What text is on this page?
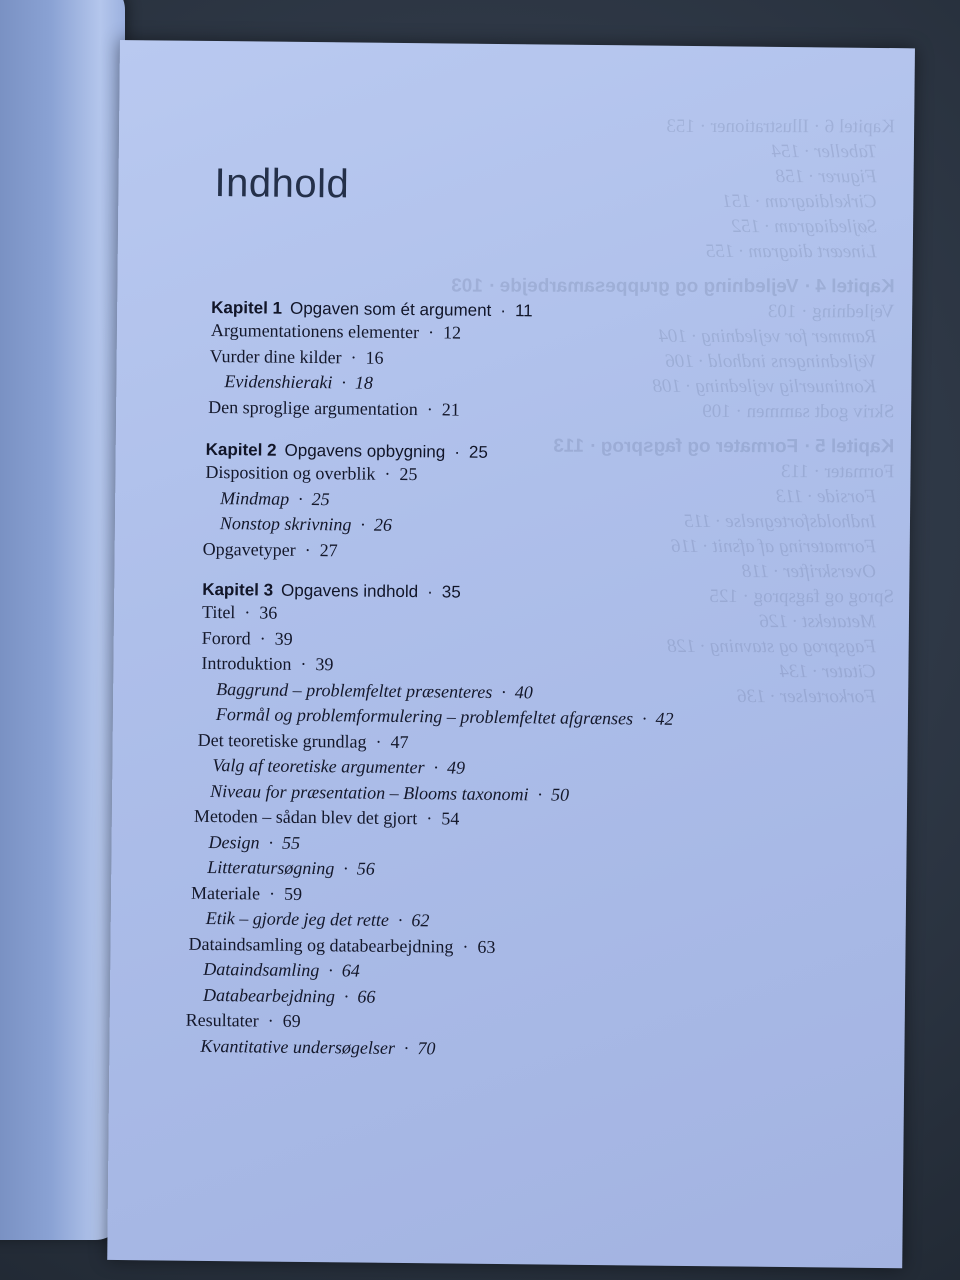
Kapitel 6 · Illustrationer · 153
Tabeller · 154
Figurer · 158
Cirkeldiagram · 151
Søjlediagram · 152
Lineært diagram · 155
Kapitel 4 · Vejledning og gruppesamarbejde · 103
Vejledning · 103
Rammer for vejledning · 104
Vejledningens indhold · 106
Kontinuerlig vejledning · 108
Skriv godt sammen · 109
Kapitel 5 · Formater og fagsprog · 113
Formater · 113
Forside · 113
Indholdsfortegnelse · 115
Formatering af afsnit · 116
Overskrifter · 118
Sprog og fagsprog · 125
Metatekst · 126
Fagsprog og stavning · 128
Citater · 134
Forkortelser · 136
Indhold
Kapitel 1 Opgaven som ét argument · 11
Argumentationens elementer · 12
Vurder dine kilder · 16
Evidenshieraki · 18
Den sproglige argumentation · 21
Kapitel 2 Opgavens opbygning · 25
Disposition og overblik · 25
Mindmap · 25
Nonstop skrivning · 26
Opgavetyper · 27
Kapitel 3 Opgavens indhold · 35
Titel · 36
Forord · 39
Introduktion · 39
Baggrund – problemfeltet præsenteres · 40
Formål og problemformulering – problemfeltet afgrænses · 42
Det teoretiske grundlag · 47
Valg af teoretiske argumenter · 49
Niveau for præsentation – Blooms taxonomi · 50
Metoden – sådan blev det gjort · 54
Design · 55
Litteratursøgning · 56
Materiale · 59
Etik – gjorde jeg det rette · 62
Dataindsamling og databearbejdning · 63
Dataindsamling · 64
Databearbejdning · 66
Resultater · 69
Kvantitative undersøgelser · 70
